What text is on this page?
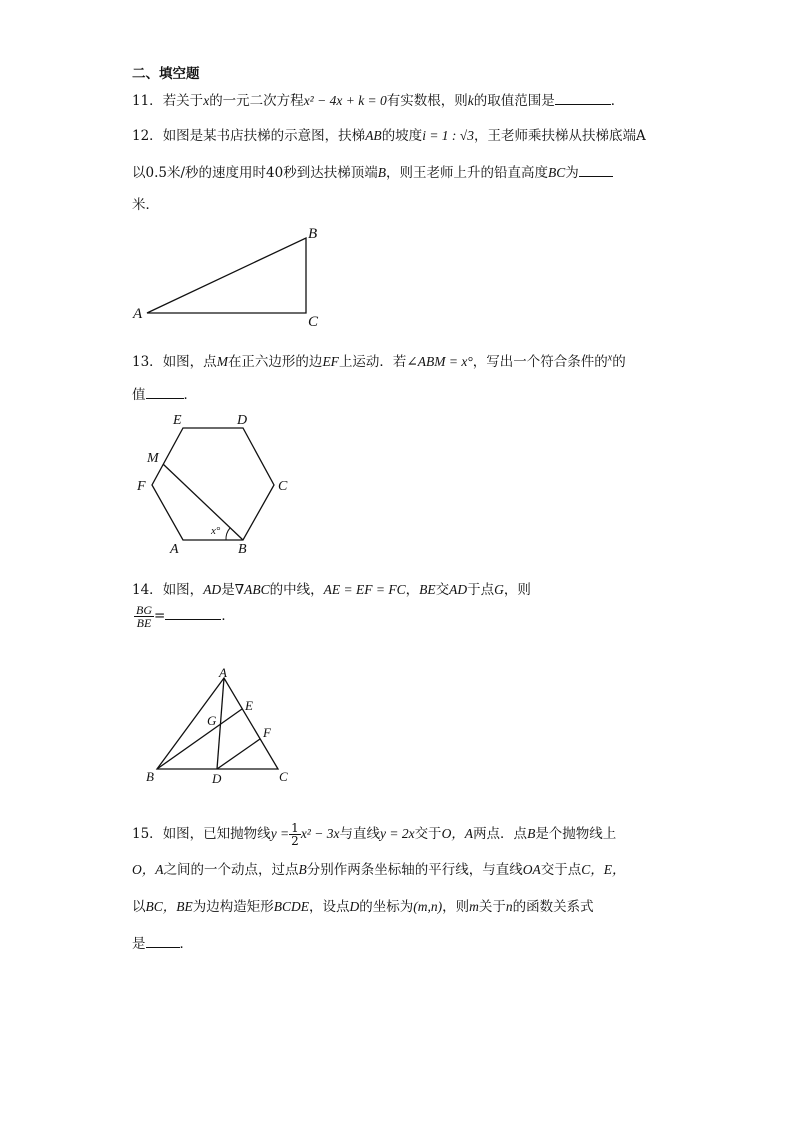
二、填空题
11．若关于x的一元二次方程x² − 4x + k = 0有实数根，则k的取值范围是	．
12．如图是某书店扶梯的示意图，扶梯AB的坡度i = 1 : √3，王老师乘扶梯从扶梯底端A
以0.5米/秒的速度用时40秒到达扶梯顶端B，则王老师上升的铅直高度BC为
米．
A
B
C
13．如图，点M在正六边形的边EF上运动．若∠ABM = x°，写出一个符合条件的$^x$的
值	．
E	D
C
F
M
A	B
x°
14．如图，AD是∇ABC的中线，AE = EF = FC，BE交AD于点G，则
$\frac{BG}{BE}$ =	．
A
E
G
F
B	D	C
15．如图，已知抛物线$y = \frac{1}{2} x^2 - 3x$与直线y = 2x交于O，A两点．点B是个抛物线上
O，A之间的一个动点，过点B分别作两条坐标轴的平行线，与直线OA交于点C，E，
以BC，BE为边构造矩形BCDE，设点D的坐标为(m,n)，则m关于n的函数关系式
是	．
